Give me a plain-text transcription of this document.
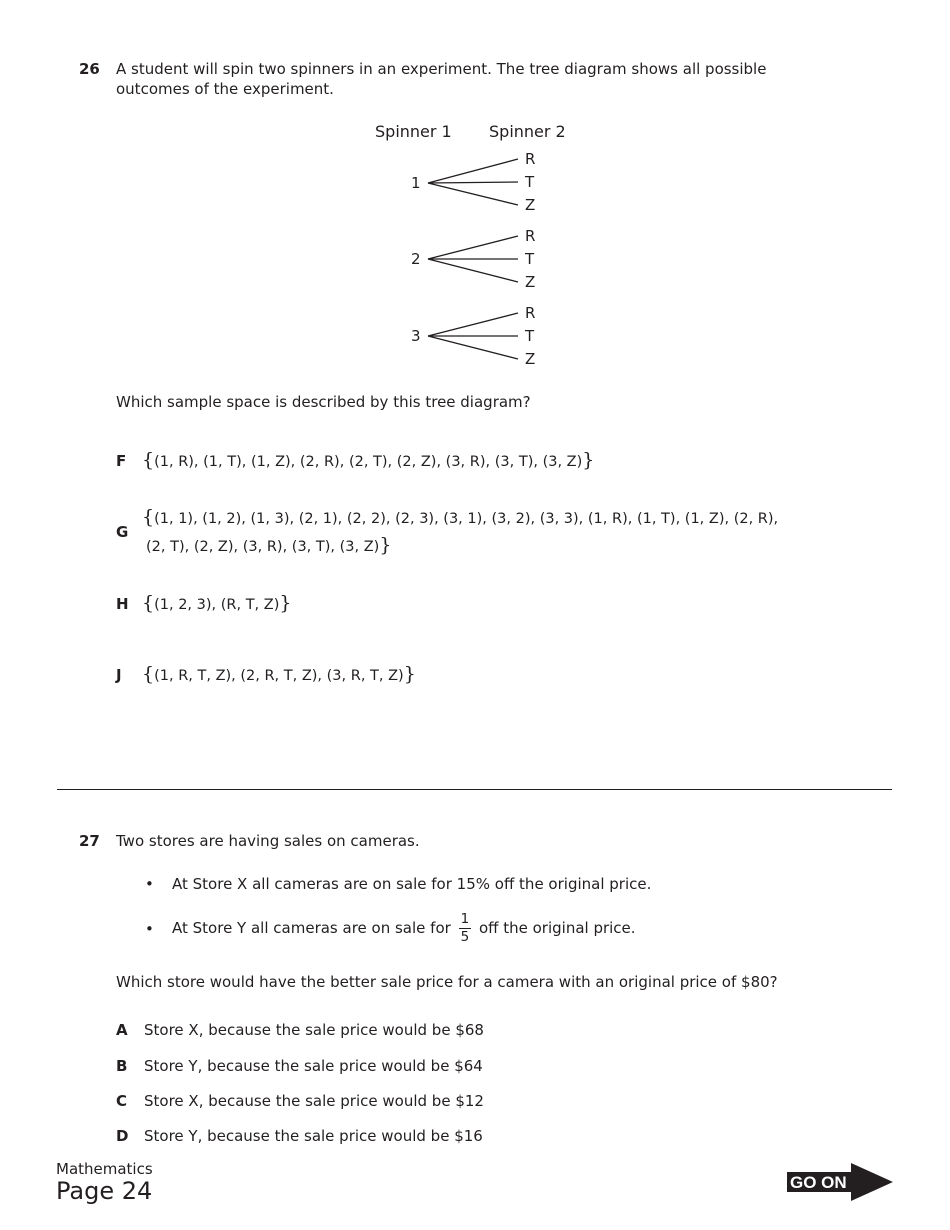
26 A student will spin two spinners in an experiment. The tree diagram shows all possible
outcomes of the experiment.
Spinner 1 Spinner 2
1
R
T
Z
2
R
T
Z
3
R
T
Z
Which sample space is described by this tree diagram?
F {(1, R), (1, T), (1, Z), (2, R), (2, T), (2, Z), (3, R), (3, T), (3, Z)}
G
{(1, 1), (1, 2), (1, 3), (2, 1), (2, 2), (2, 3), (3, 1), (3, 2), (3, 3), (1, R), (1, T), (1, Z), (2, R),
(2, T), (2, Z), (3, R), (3, T), (3, Z)}
H {(1, 2, 3), (R, T, Z)}
J {(1, R, T, Z), (2, R, T, Z), (3, R, T, Z)}
27 Two stores are having sales on cameras.
• At Store X all cameras are on sale for 15% off the original price.
• At Store Y all cameras are on sale for $\frac{1}{5}$ off the original price.
Which store would have the better sale price for a camera with an original price of $80?
A Store X, because the sale price would be $68
B Store Y, because the sale price would be $64
C Store X, because the sale price would be $12
D Store Y, because the sale price would be $16
Mathematics
Page 24	GO ON
